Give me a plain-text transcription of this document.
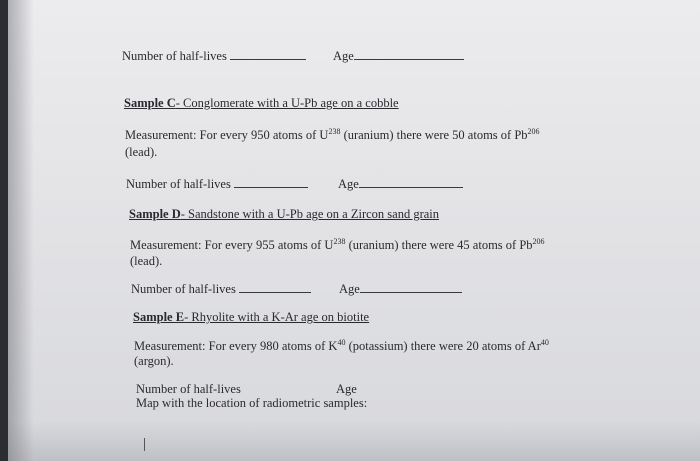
Number of half-lives	Age
Sample C- Conglomerate with a U-Pb age on a cobble
Measurement: For every 950 atoms of $U^{238}$ (uranium) there were 50 atoms of Pb$^{206}$
(lead).
Number of half-lives	Age
Sample D- Sandstone with a U-Pb age on a Zircon sand grain
Measurement: For every 955 atoms of $U^{238}$ (uranium) there were 45 atoms of Pb$^{206}$
(lead).
Number of half-lives	Age
Sample E- Rhyolite with a K-Ar age on biotite
Measurement: For every 980 atoms of $K^{40}$ (potassium) there were 20 atoms of Ar$^{40}$
(argon).
Number of half-lives	Age
Map with the location of radiometric samples:
